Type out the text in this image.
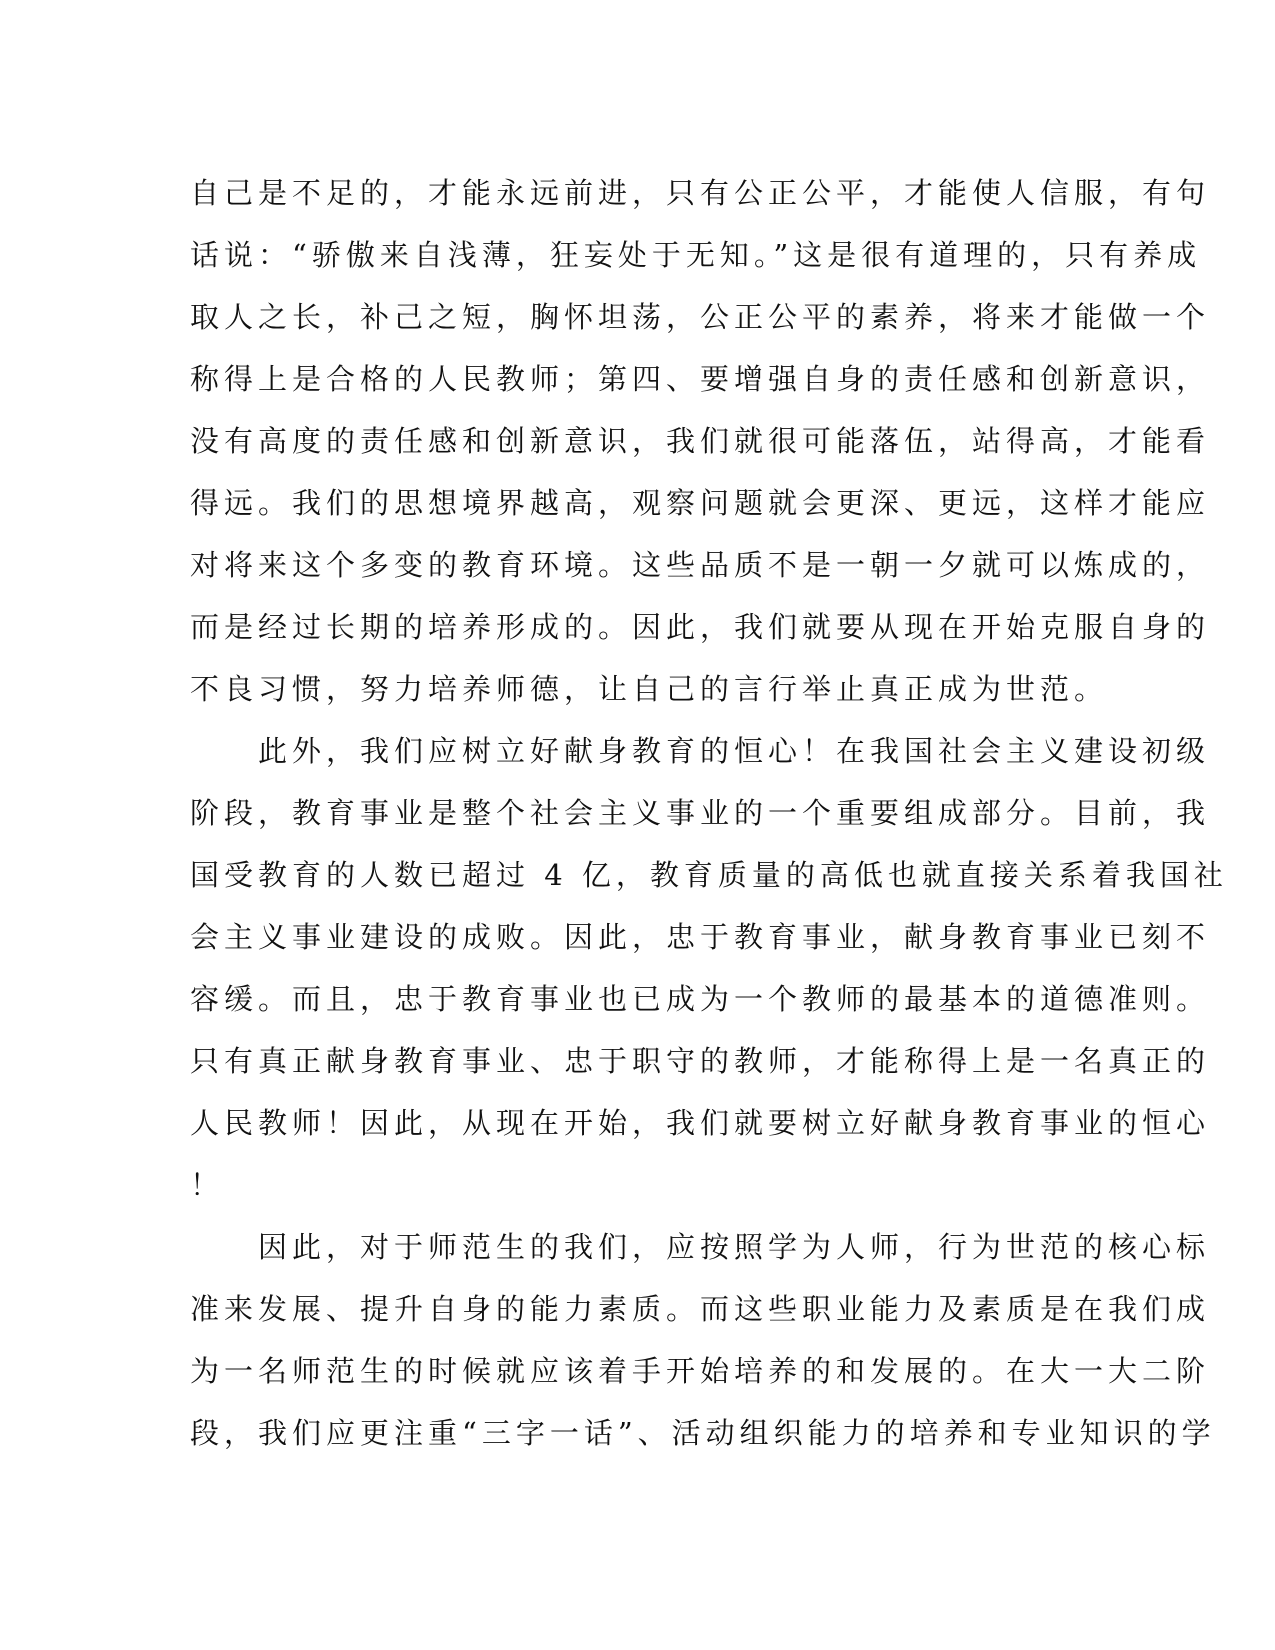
自己是不足的，才能永远前进，只有公正公平，才能使人信服，有句
话说：“骄傲来自浅薄，狂妄处于无知。”这是很有道理的，只有养成
取人之长，补己之短，胸怀坦荡，公正公平的素养，将来才能做一个
称得上是合格的人民教师；第四、要增强自身的责任感和创新意识，
没有高度的责任感和创新意识，我们就很可能落伍，站得高，才能看
得远。我们的思想境界越高，观察问题就会更深、更远，这样才能应
对将来这个多变的教育环境。这些品质不是一朝一夕就可以炼成的，
而是经过长期的培养形成的。因此，我们就要从现在开始克服自身的
不良习惯，努力培养师德，让自己的言行举止真正成为世范。
此外，我们应树立好献身教育的恒心！在我国社会主义建设初级
阶段，教育事业是整个社会主义事业的一个重要组成部分。目前，我
国受教育的人数已超过 4 亿，教育质量的高低也就直接关系着我国社
会主义事业建设的成败。因此，忠于教育事业，献身教育事业已刻不
容缓。而且，忠于教育事业也已成为一个教师的最基本的道德准则。
只有真正献身教育事业、忠于职守的教师，才能称得上是一名真正的
人民教师！因此，从现在开始，我们就要树立好献身教育事业的恒心
！
因此，对于师范生的我们，应按照学为人师，行为世范的核心标
准来发展、提升自身的能力素质。而这些职业能力及素质是在我们成
为一名师范生的时候就应该着手开始培养的和发展的。在大一大二阶
段，我们应更注重“三字一话”、活动组织能力的培养和专业知识的学
